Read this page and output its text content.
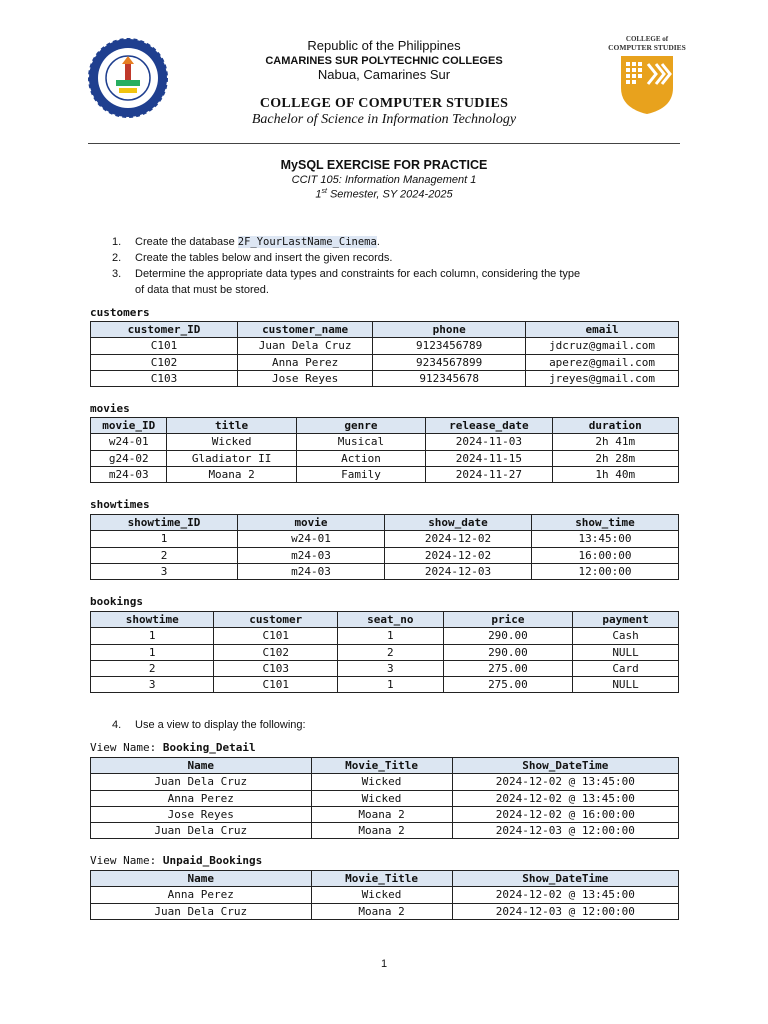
COLLEGE of
COMPUTER STUDIES
Republic of the Philippines
CAMARINES SUR POLYTECHNIC COLLEGES
Nabua, Camarines Sur
COLLEGE OF COMPUTER STUDIES
Bachelor of Science in Information Technology
MySQL EXERCISE FOR PRACTICE
CCIT 105: Information Management 1
1st Semester, SY 2024-2025
1. Create the database 2F_YourLastName_Cinema.
2. Create the tables below and insert the given records.
3. Determine the appropriate data types and constraints for each column, considering the type
of data that must be stored.
customers
customer_ID	customer_name	phone	email
C101	Juan Dela Cruz	9123456789	jdcruz@gmail.com
C102	Anna Perez	9234567899	aperez@gmail.com
C103	Jose Reyes	912345678	jreyes@gmail.com
movies
movie_ID	title	genre	release_date	duration
w24-01	Wicked	Musical	2024-11-03	2h 41m
g24-02	Gladiator II	Action	2024-11-15	2h 28m
m24-03	Moana 2	Family	2024-11-27	1h 40m
showtimes
showtime_ID	movie	show_date	show_time
1	w24-01	2024-12-02	13:45:00
2	m24-03	2024-12-02	16:00:00
3	m24-03	2024-12-03	12:00:00
bookings
showtime	customer	seat_no	price	payment
1	C101	1	290.00	Cash
1	C102	2	290.00	NULL
2	C103	3	275.00	Card
3	C101	1	275.00	NULL
4. Use a view to display the following:
View Name: Booking_Detail
Name	Movie_Title	Show_DateTime
Juan Dela Cruz	Wicked	2024-12-02 @ 13:45:00
Anna Perez	Wicked	2024-12-02 @ 13:45:00
Jose Reyes	Moana 2	2024-12-02 @ 16:00:00
Juan Dela Cruz	Moana 2	2024-12-03 @ 12:00:00
View Name: Unpaid_Bookings
Name	Movie_Title	Show_DateTime
Anna Perez	Wicked	2024-12-02 @ 13:45:00
Juan Dela Cruz	Moana 2	2024-12-03 @ 12:00:00
1
